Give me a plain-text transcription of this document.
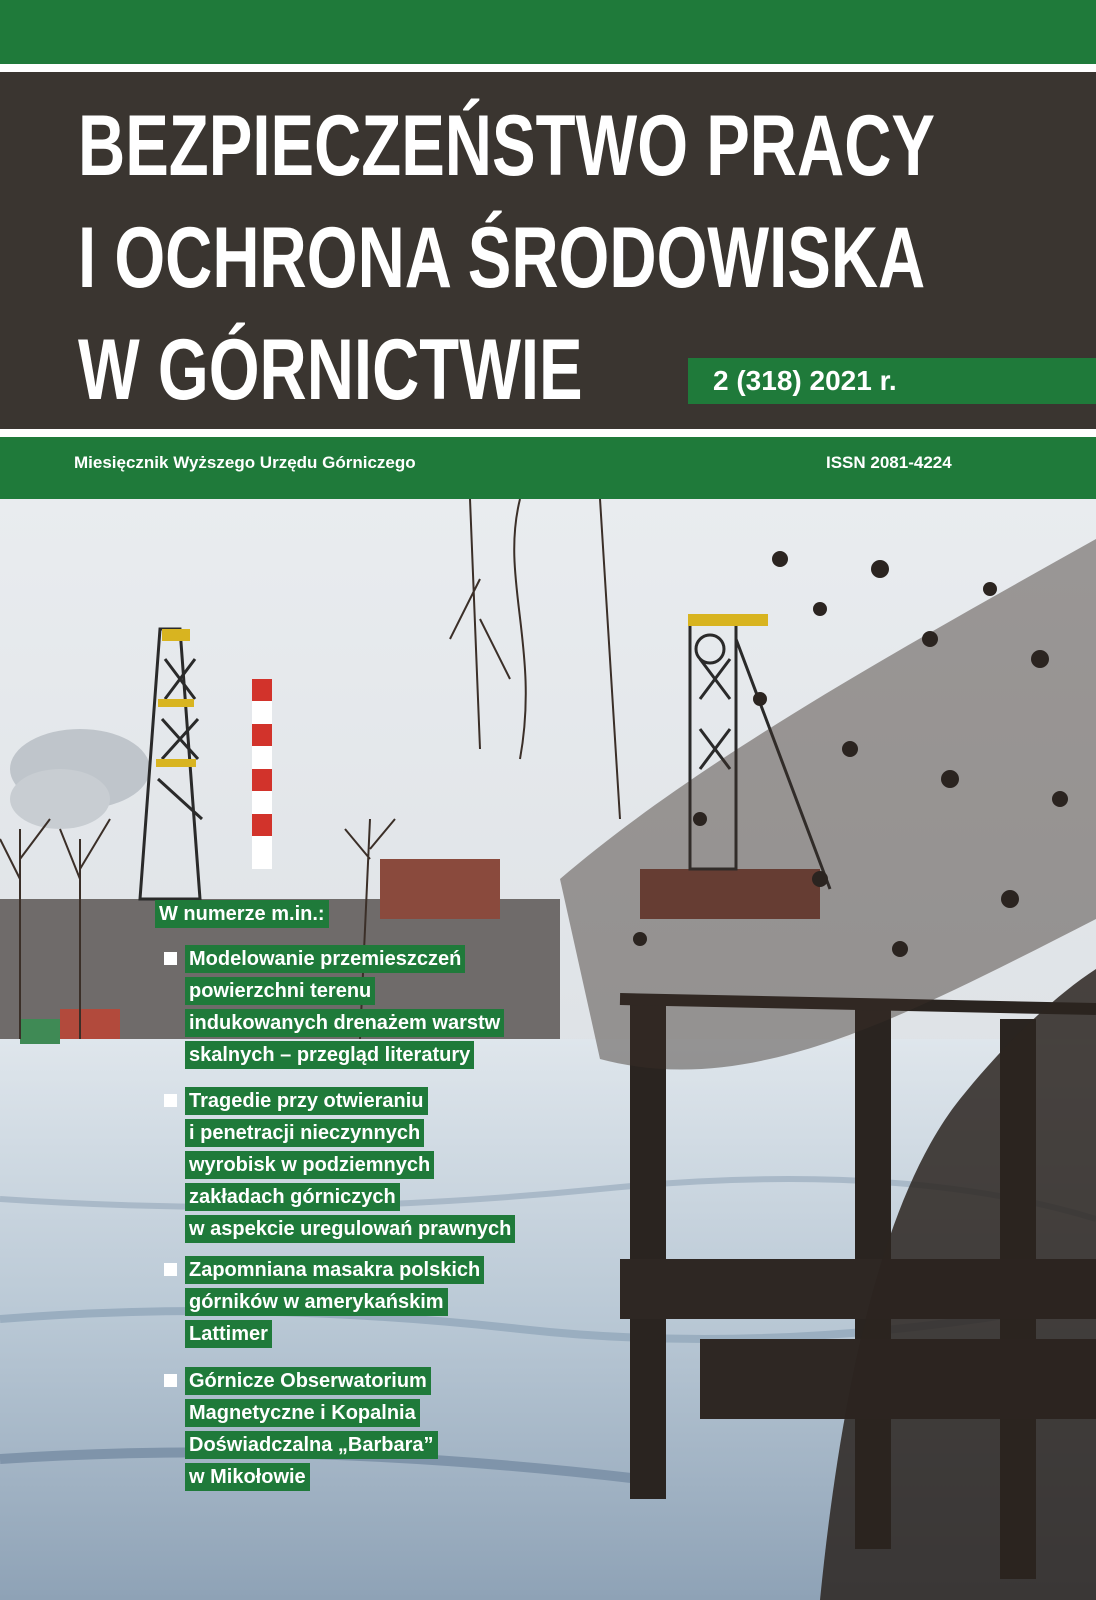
BEZPIECZEŃSTWO PRACY
I OCHRONA ŚRODOWISKA
W GÓRNICTWIE	2 (318) 2021 r.
Miesięcznik Wyższego Urzędu Górniczego	ISSN 2081-4224
W numerze m.in.:
Modelowanie przemieszczeń
powierzchni terenu
indukowanych drenażem warstw
skalnych – przegląd literatury
Tragedie przy otwieraniu
i penetracji nieczynnych
wyrobisk w podziemnych
zakładach górniczych
w aspekcie uregulowań prawnych
Zapomniana masakra polskich
górników w amerykańskim
Lattimer
Górnicze Obserwatorium
Magnetyczne i Kopalnia
Doświadczalna „Barbara”
w Mikołowie
